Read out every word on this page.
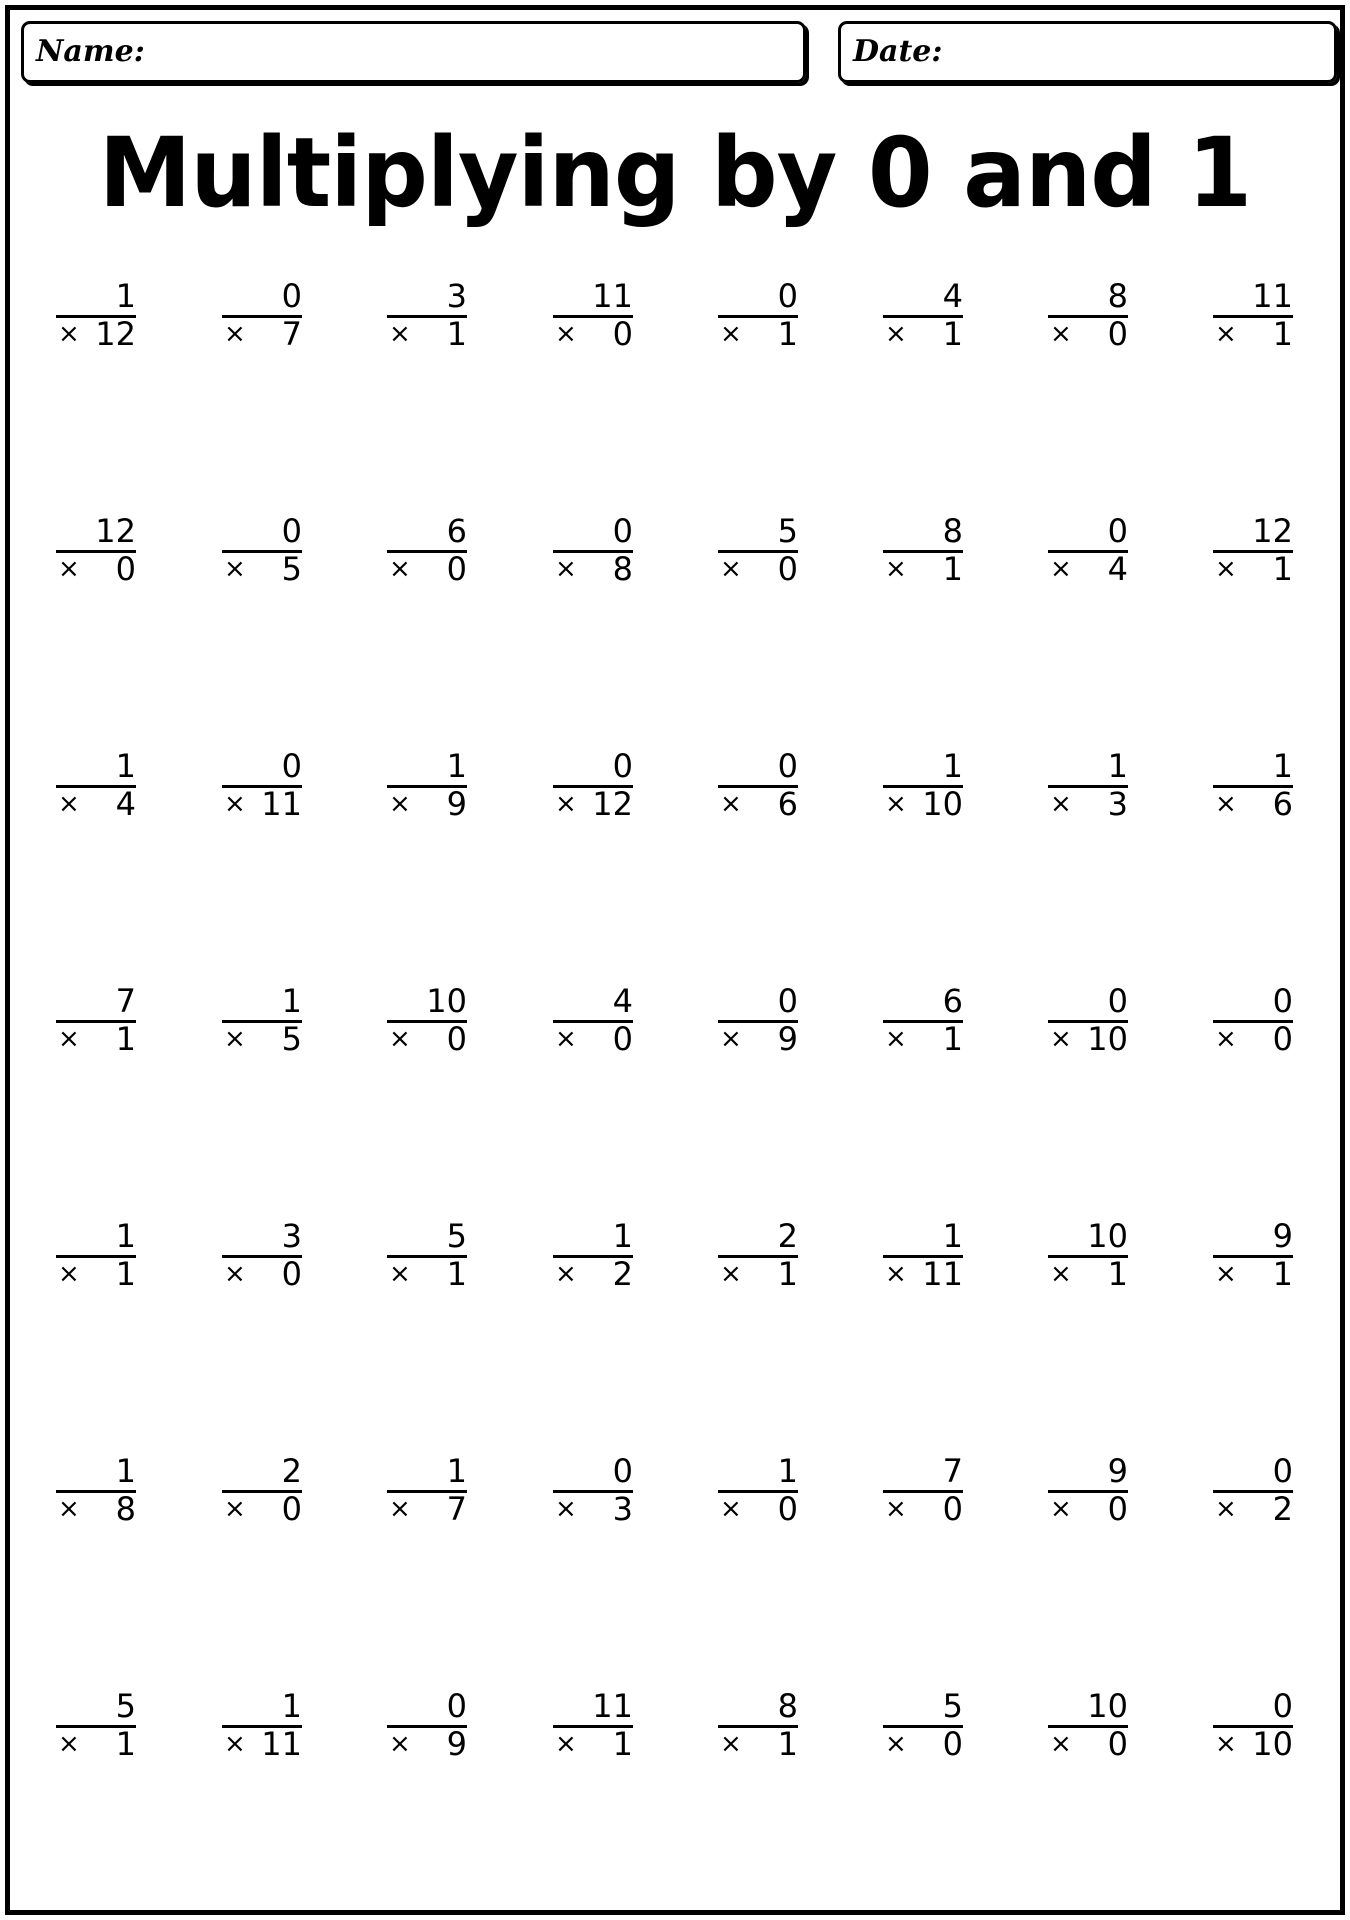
Name:	Date:
Multiplying by 0 and 1
1
× 12
0
× 7
3
× 1
11
× 0
0
× 1
4
× 1
8
× 0
11
× 1
12
× 0
0
× 5
6
× 0
0
× 8
5
× 0
8
× 1
0
× 4
12
× 1
1
× 4
0
× 11
1
× 9
0
× 12
0
× 6
1
× 10
1
× 3
1
× 6
7
× 1
1
× 5
10
× 0
4
× 0
0
× 9
6
× 1
0
× 10
0
× 0
1
× 1
3
× 0
5
× 1
1
× 2
2
× 1
1
× 11
10
× 1
9
× 1
1
× 8
2
× 0
1
× 7
0
× 3
1
× 0
7
× 0
9
× 0
0
× 2
5
× 1
1
× 11
0
× 9
11
× 1
8
× 1
5
× 0
10
× 0
0
× 10
